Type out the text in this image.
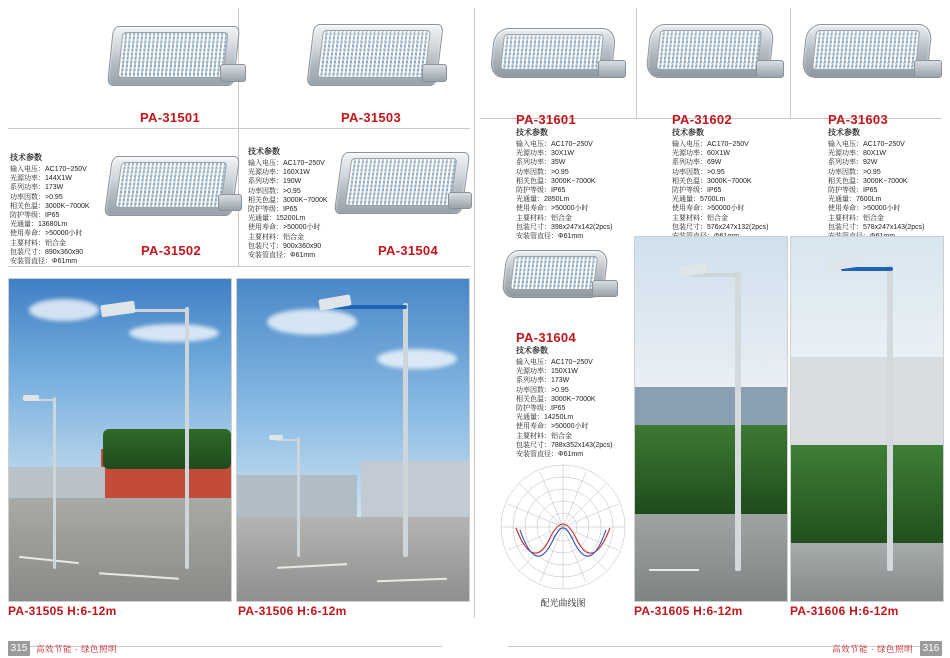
PA-31501	PA-31503
技术参数
输入电压：AC170~250V
光源功率：144X1W
系列功率：173W
功率因数：>0.95
相关色温：3000K~7000K
防护等级：IP65
光通量：13680Lm
使用寿命：>50000小时
主要材料：铝合金
包装尺寸：890x360x90
安装管直径：Φ61mm
PA-31502
技术参数
输入电压：AC170~250V
光源功率：160X1W
系列功率：190W
功率因数：>0.95
相关色温：3000K~7000K
防护等级：IP65
光通量：15200Lm
使用寿命：>50000小时
主要材料：铝合金
包装尺寸：900x360x90
安装管直径：Φ61mm	PA-31504
PA-31601
技术参数
输入电压：AC170~250V
光源功率：30X1W
系列功率：35W
功率因数：>0.95
相关色温：3000K~7000K
防护等级：IP65
光通量：2850Lm
使用寿命：>50000小时
主要材料：铝合金
包装尺寸：398x247x142(2pcs)
安装管直径：Φ61mm
PA-31602
技术参数
输入电压：AC170~250V
光源功率：60X1W
系列功率：69W
功率因数：>0.95
相关色温：3000K~7000K
防护等级：IP65
光通量：5700Lm
使用寿命：>50000小时
主要材料：铝合金
包装尺寸：576x247x132(2pcs)
PA-31603
技术参数
输入电压：AC170~250V
光源功率：80X1W
系列功率：92W
功率因数：>0.95
相关色温：3000K~7000K
防护等级：IP65
光通量：7600Lm
使用寿命：>50000小时
主要材料：铝合金
包装尺寸：578x247x143(2pcs)
PA-31604
技术参数
输入电压：AC170~250V
光源功率：150X1W
系列功率：173W
功率因数：>0.95
相关色温：3000K~7000K
防护等级：IP65
光通量：14250Lm
使用寿命：>50000小时
主要材料：铝合金
包装尺寸：788x352x143(2pcs)
安装管直径：Φ61mm
配光曲线图
PA-31505 H:6-12m	PA-31506 H:6-12m	PA-31605 H:6-12m	PA-31606 H:6-12m
315	高效节能 · 绿色照明	316
高效节能 · 绿色照明
